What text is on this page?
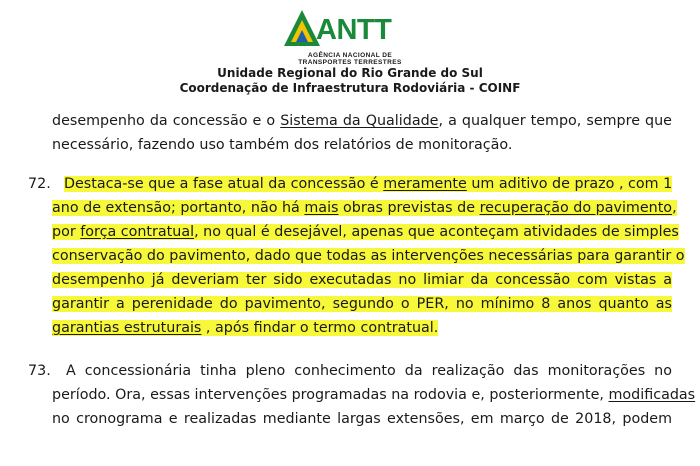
ANTT
AGÊNCIA NACIONAL DE
TRANSPORTES TERRESTRES
Unidade Regional do Rio Grande do Sul
Coordenação de Infraestrutura Rodoviária - COINF
desempenho da concessão e o Sistema da Qualidade, a qualquer tempo, sempre que
necessário, fazendo uso também dos relatórios de monitoração.
72. Destaca-se que a fase atual da concessão é meramente um aditivo de prazo , com 1
ano de extensão; portanto, não há mais obras previstas de recuperação do pavimento,
por força contratual, no qual é desejável, apenas que aconteçam atividades de simples
conservação do pavimento, dado que todas as intervenções necessárias para garantir o
desempenho já deveriam ter sido executadas no limiar da concessão com vistas a
garantir a perenidade do pavimento, segundo o PER, no mínimo 8 anos quanto as
garantias estruturais , após findar o termo contratual.
73. A concessionária tinha pleno conhecimento da realização das monitorações no
período. Ora, essas intervenções programadas na rodovia e, posteriormente, modificadas
no cronograma e realizadas mediante largas extensões, em março de 2018, podem
